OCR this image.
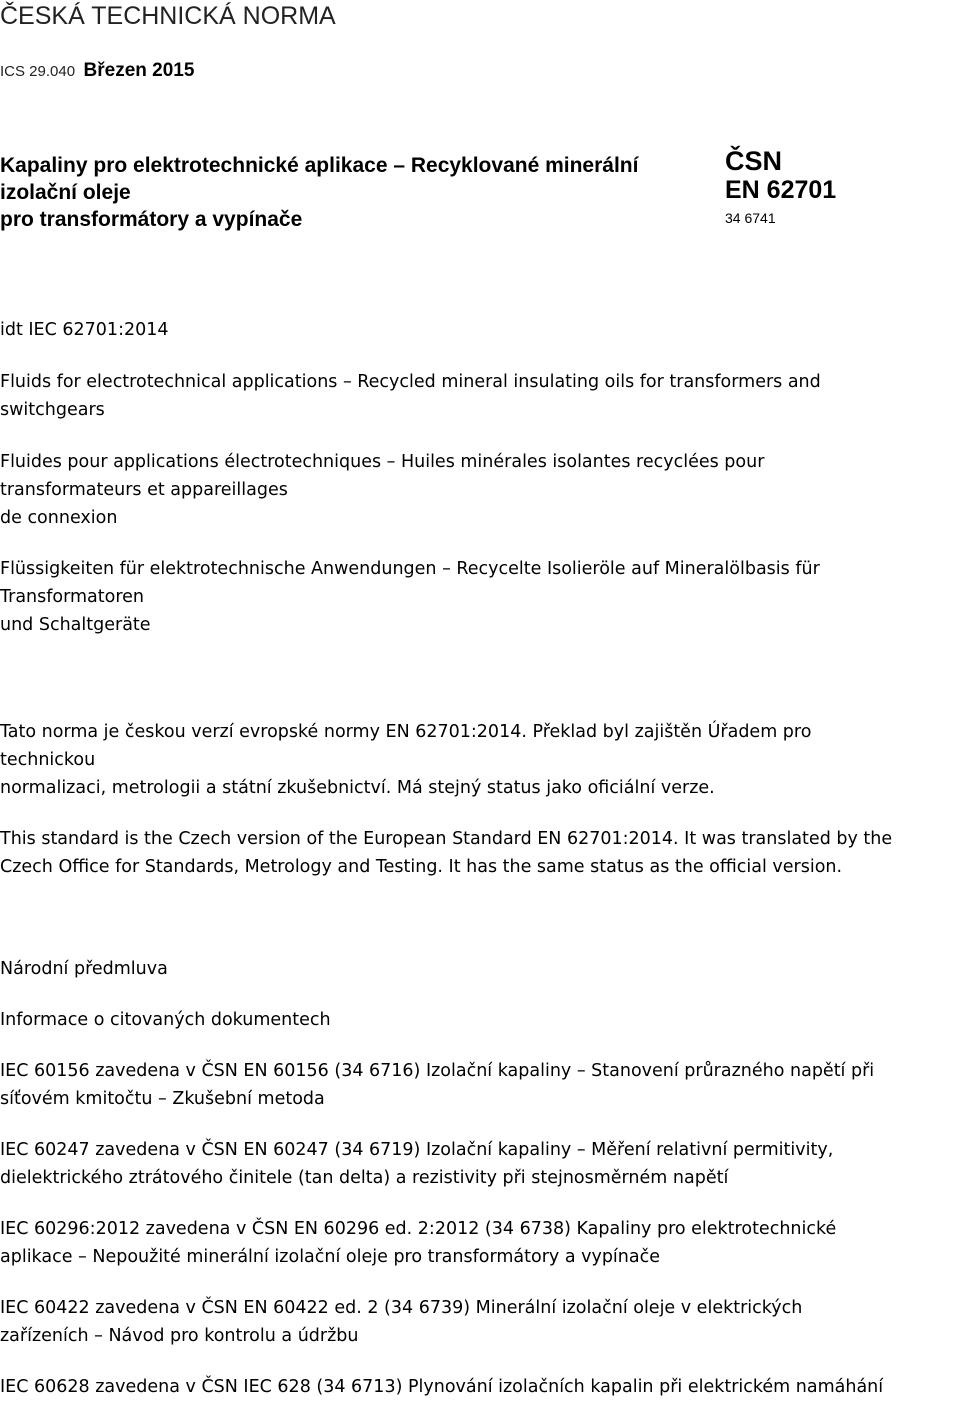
ČESKÁ TECHNICKÁ NORMA
ICS 29.040 Březen 2015
Kapaliny pro elektrotechnické aplikace – Recyklované minerální
izolační oleje
pro transformátory a vypínače
ČSN
EN 62701
34 6741
idt IEC 62701:2014
Fluids for electrotechnical applications – Recycled mineral insulating oils for transformers and
switchgears
Fluides pour applications électrotechniques – Huiles minérales isolantes recyclées pour
transformateurs et appareillages
de connexion
Flüssigkeiten für elektrotechnische Anwendungen – Recycelte Isolieröle auf Mineralölbasis für
Transformatoren
und Schaltgeräte
Tato norma je českou verzí evropské normy EN 62701:2014. Překlad byl zajištěn Úřadem pro
technickou
normalizaci, metrologii a státní zkušebnictví. Má stejný status jako oficiální verze.
This standard is the Czech version of the European Standard EN 62701:2014. It was translated by the
Czech Office for Standards, Metrology and Testing. It has the same status as the official version.
Národní předmluva
Informace o citovaných dokumentech
IEC 60156 zavedena v ČSN EN 60156 (34 6716) Izolační kapaliny – Stanovení průrazného napětí při
síťovém kmitočtu – Zkušební metoda
IEC 60247 zavedena v ČSN EN 60247 (34 6719) Izolační kapaliny – Měření relativní permitivity,
dielektrického ztrátového činitele (tan delta) a rezistivity při stejnosměrném napětí
IEC 60296:2012 zavedena v ČSN EN 60296 ed. 2:2012 (34 6738) Kapaliny pro elektrotechnické
aplikace – Nepoužité minerální izolační oleje pro transformátory a vypínače
IEC 60422 zavedena v ČSN EN 60422 ed. 2 (34 6739) Minerální izolační oleje v elektrických
zařízeních – Návod pro kontrolu a údržbu
IEC 60628 zavedena v ČSN IEC 628 (34 6713) Plynování izolačních kapalin při elektrickém namáhání
